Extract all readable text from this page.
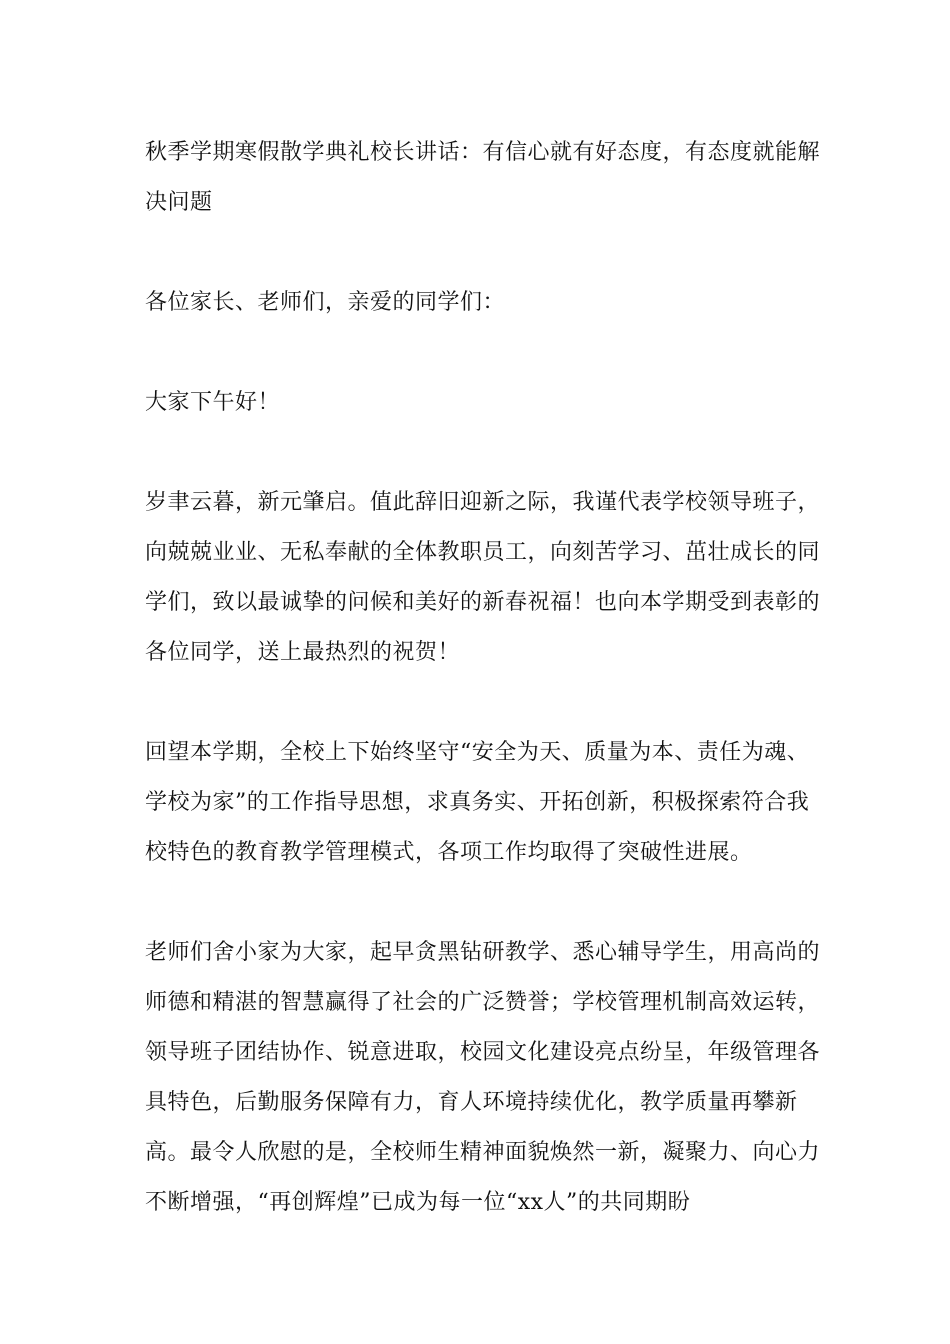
秋季学期寒假散学典礼校长讲话：有信心就有好态度，有态度就能解决问题

各位家长、老师们，亲爱的同学们：

大家下午好！

岁聿云暮，新元肇启。值此辞旧迎新之际，我谨代表学校领导班子，向兢兢业业、无私奉献的全体教职员工，向刻苦学习、茁壮成长的同学们，致以最诚挚的问候和美好的新春祝福！也向本学期受到表彰的各位同学，送上最热烈的祝贺！

回望本学期，全校上下始终坚守“安全为天、质量为本、责任为魂、学校为家”的工作指导思想，求真务实、开拓创新，积极探索符合我校特色的教育教学管理模式，各项工作均取得了突破性进展。

老师们舍小家为大家，起早贪黑钻研教学、悉心辅导学生，用高尚的师德和精湛的智慧赢得了社会的广泛赞誉；学校管理机制高效运转，领导班子团结协作、锐意进取，校园文化建设亮点纷呈，年级管理各具特色，后勤服务保障有力，育人环境持续优化，教学质量再攀新高。最令人欣慰的是，全校师生精神面貌焕然一新，凝聚力、向心力不断增强，“再创辉煌”已成为每一位“xx人”的共同期盼
